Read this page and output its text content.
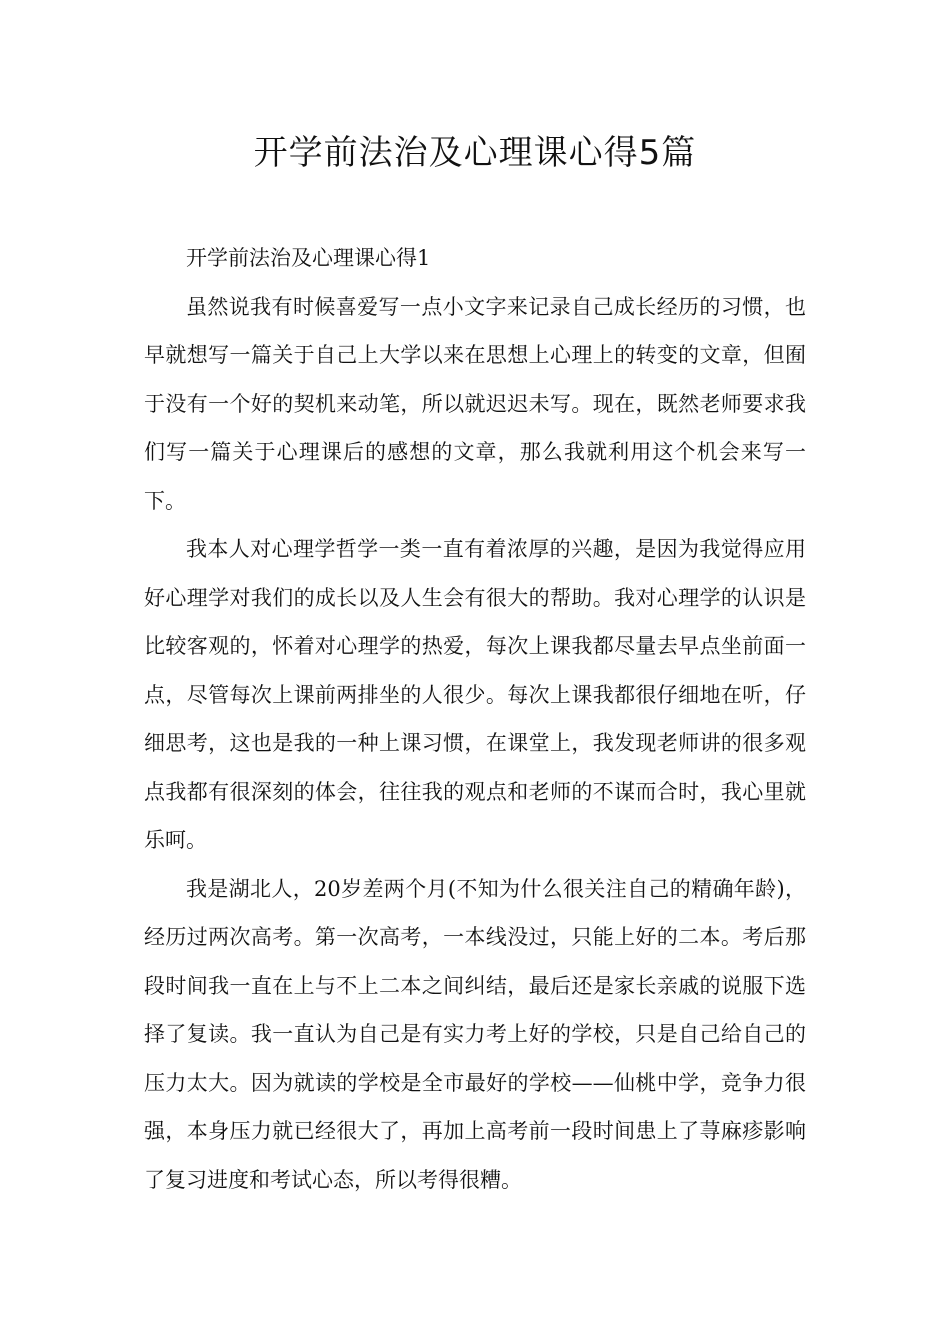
开学前法治及心理课心得5篇

开学前法治及心理课心得1

虽然说我有时候喜爱写一点小文字来记录自己成长经历的习惯，也早就想写一篇关于自己上大学以来在思想上心理上的转变的文章，但囿于没有一个好的契机来动笔，所以就迟迟未写。现在，既然老师要求我们写一篇关于心理课后的感想的文章，那么我就利用这个机会来写一下。

我本人对心理学哲学一类一直有着浓厚的兴趣，是因为我觉得应用好心理学对我们的成长以及人生会有很大的帮助。我对心理学的认识是比较客观的，怀着对心理学的热爱，每次上课我都尽量去早点坐前面一点，尽管每次上课前两排坐的人很少。每次上课我都很仔细地在听，仔细思考，这也是我的一种上课习惯，在课堂上，我发现老师讲的很多观点我都有很深刻的体会，往往我的观点和老师的不谋而合时，我心里就乐呵。

我是湖北人，20岁差两个月(不知为什么很关注自己的精确年龄)，经历过两次高考。第一次高考，一本线没过，只能上好的二本。考后那段时间我一直在上与不上二本之间纠结，最后还是家长亲戚的说服下选择了复读。我一直认为自己是有实力考上好的学校，只是自己给自己的压力太大。因为就读的学校是全市最好的学校——仙桃中学，竞争力很强，本身压力就已经很大了，再加上高考前一段时间患上了荨麻疹影响了复习进度和考试心态，所以考得很糟。
